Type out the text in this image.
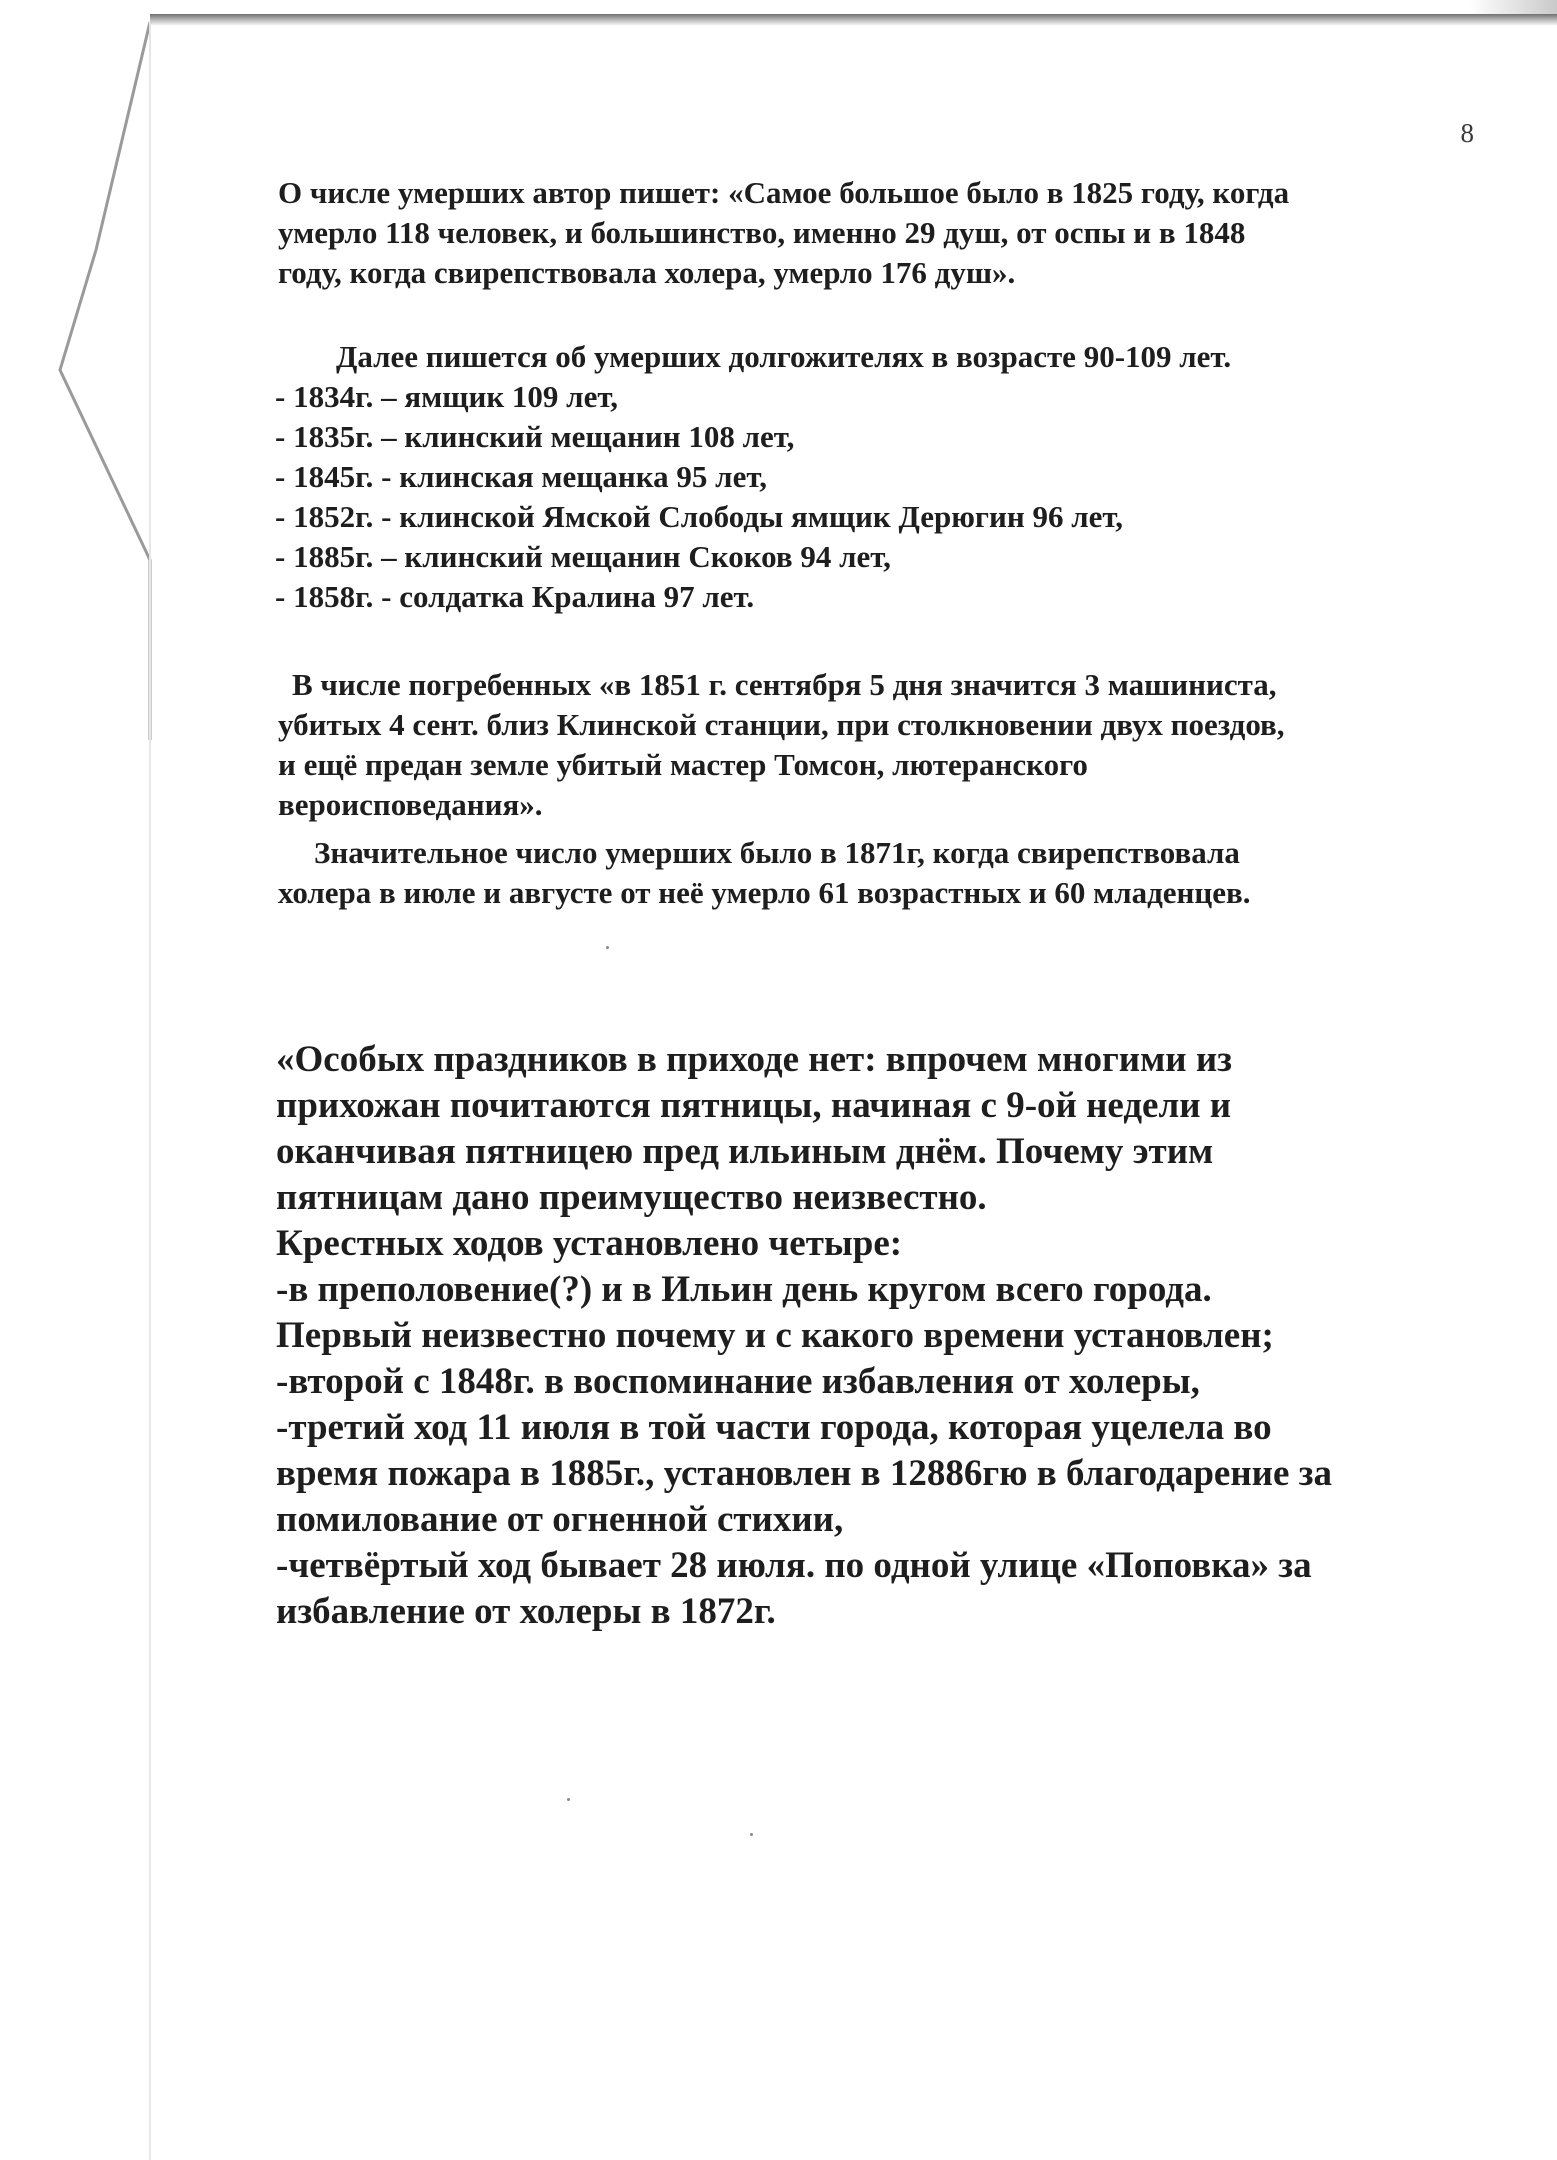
8
О числе умерших автор пишет: «Самое большое было в 1825 году, когда
умерло 118 человек, и большинство, именно 29 душ, от оспы и в 1848
году, когда свирепствовала холера, умерло 176 душ».
Далее пишется об умерших долгожителях в возрасте 90-109 лет.
- 1834г. – ямщик 109 лет,
- 1835г. – клинский мещанин 108 лет,
- 1845г. - клинская мещанка 95 лет,
- 1852г. - клинской Ямской Слободы ямщик Дерюгин 96 лет,
- 1885г. – клинский мещанин Скоков 94 лет,
- 1858г. - солдатка Кралина 97 лет.
В числе погребенных «в 1851 г. сентября 5 дня значится 3 машиниста,
убитых 4 сент. близ Клинской станции, при столкновении двух поездов,
и ещё предан земле убитый мастер Томсон, лютеранского
вероисповедания».
Значительное число умерших было в 1871г, когда свирепствовала
холера в июле и августе от неё умерло 61 возрастных и 60 младенцев.
«Особых праздников в приходе нет: впрочем многими из
прихожан почитаются пятницы, начиная с 9-ой недели и
оканчивая пятницею пред ильиным днём. Почему этим
пятницам дано преимущество неизвестно.
Крестных ходов установлено четыре:
-в преполовение(?) и в Ильин день кругом всего города.
Первый неизвестно почему и с какого времени установлен;
-второй с 1848г. в воспоминание избавления от холеры,
-третий ход 11 июля в той части города, которая уцелела во
время пожара в 1885г., установлен в 12886гю в благодарение за
помилование от огненной стихии,
-четвёртый ход бывает 28 июля. по одной улице «Поповка» за
избавление от холеры в 1872г.
